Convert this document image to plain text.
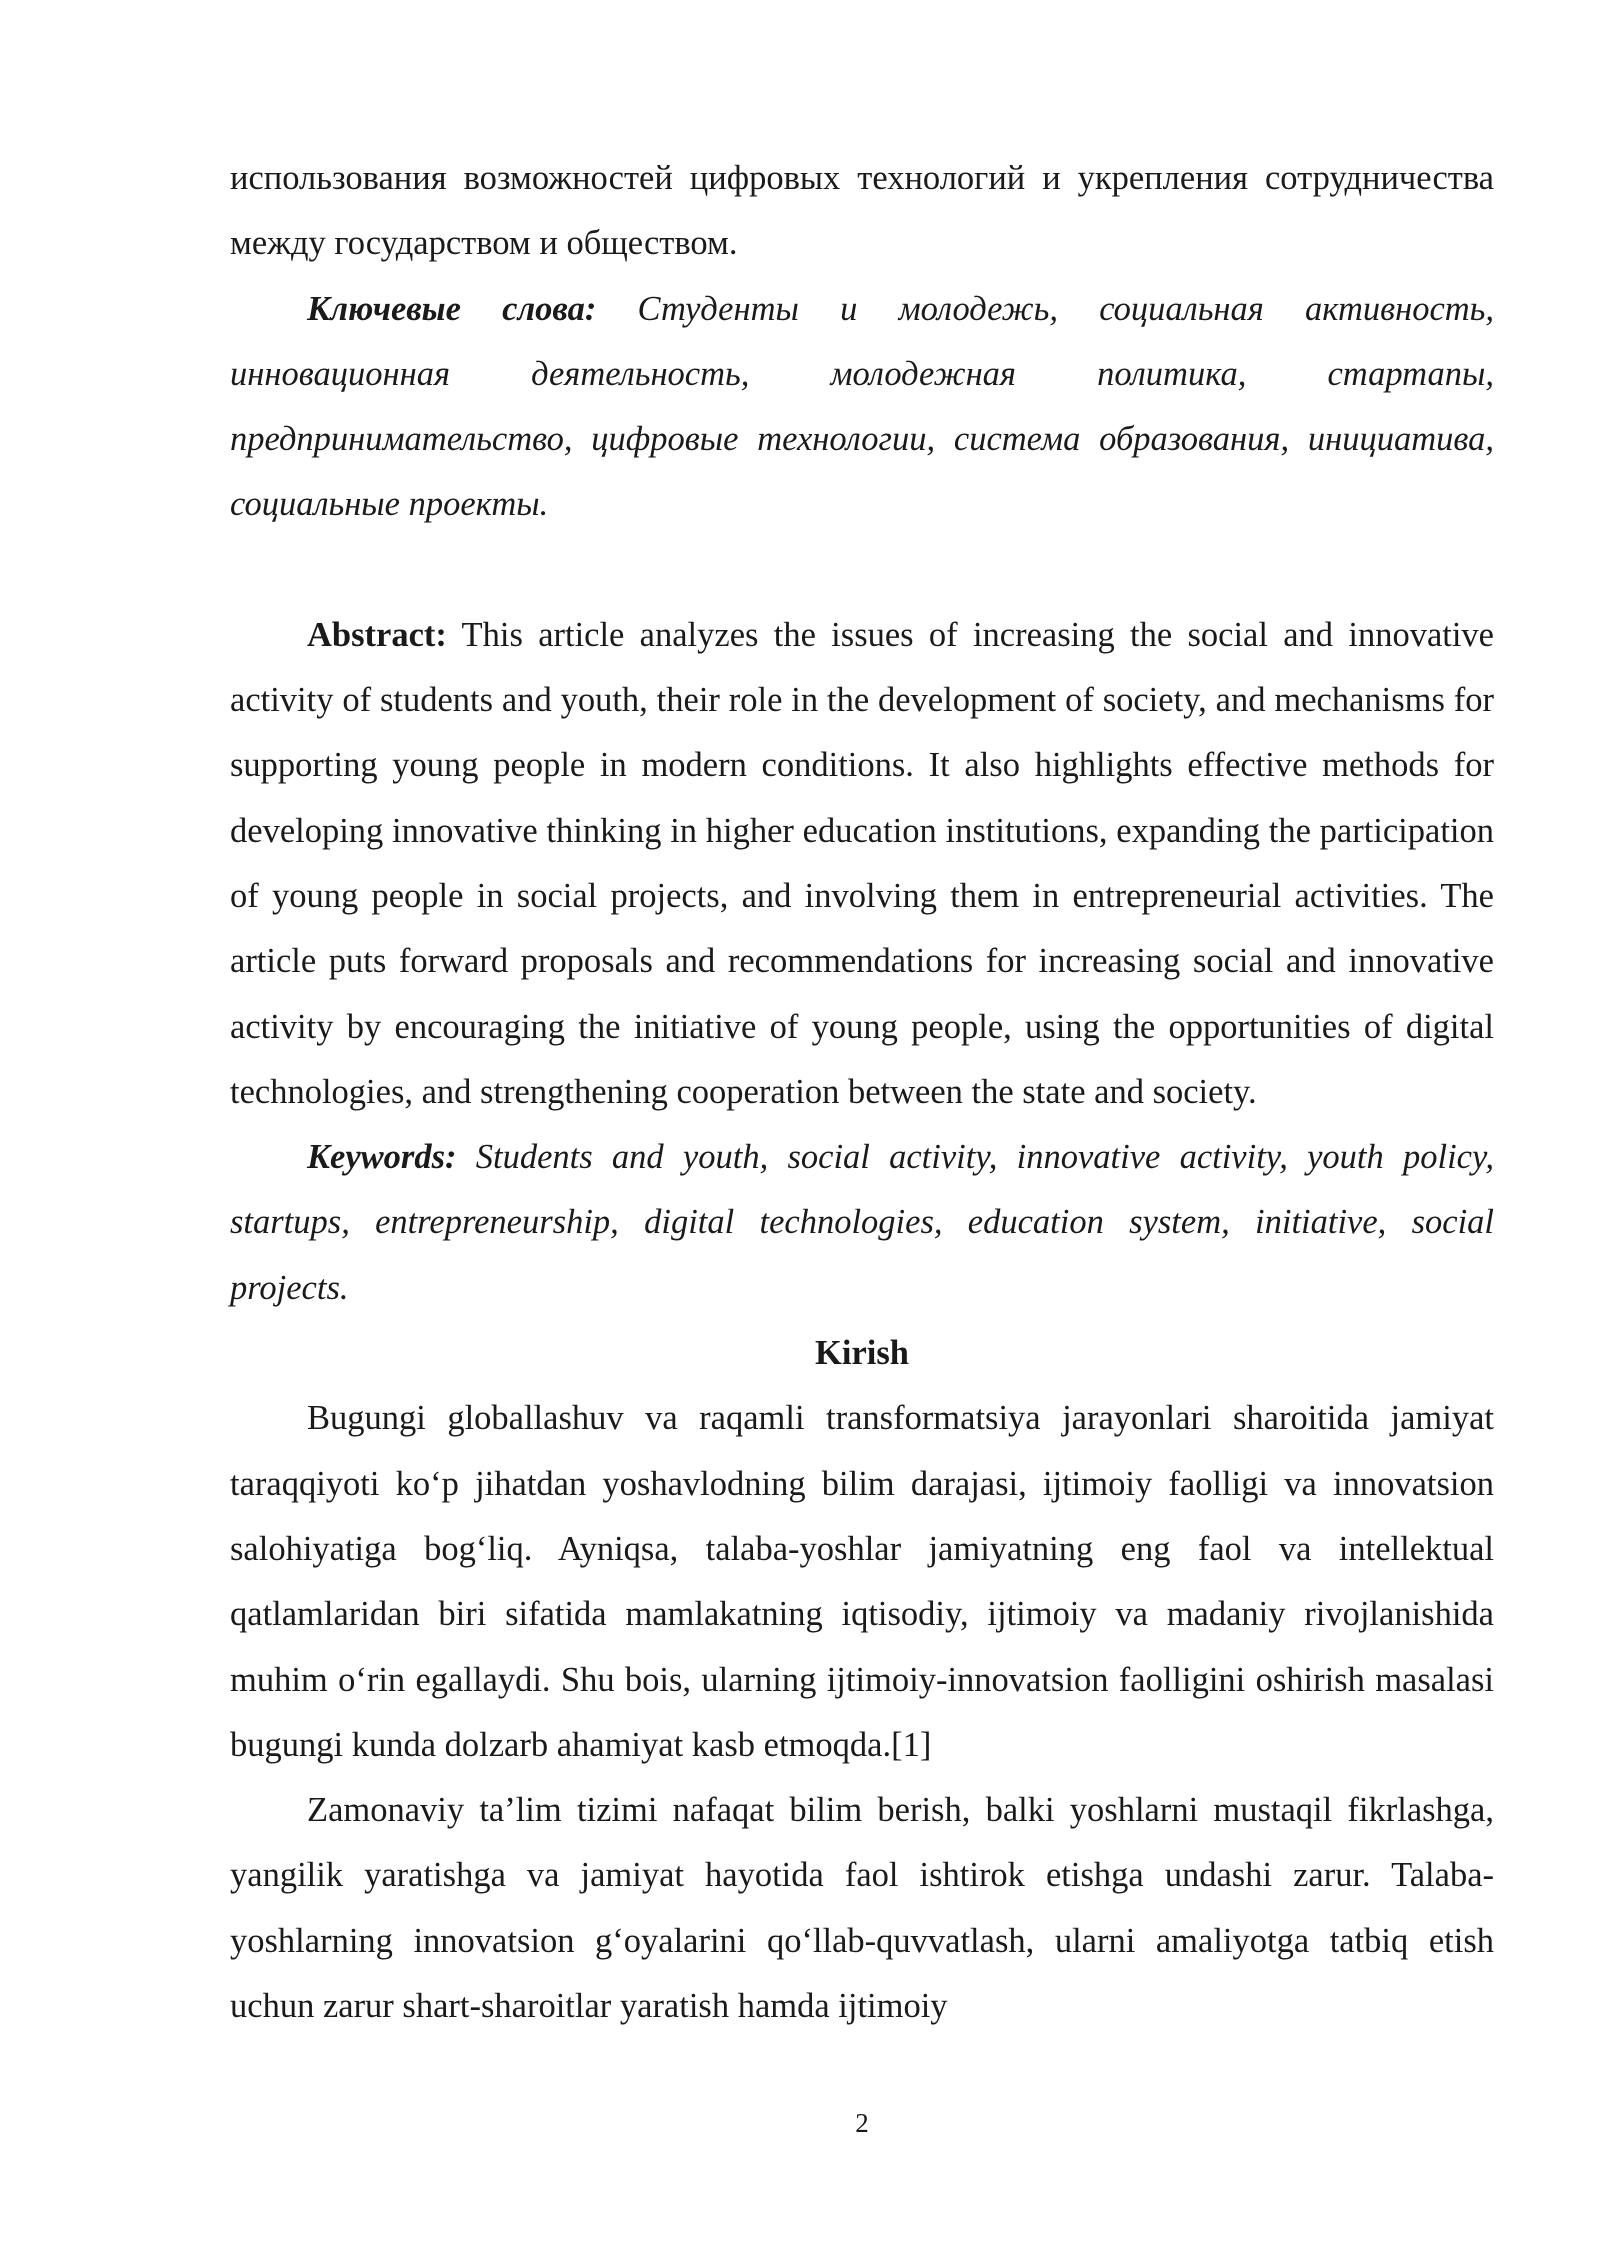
использования возможностей цифровых технологий и укрепления сотрудничества между государством и обществом.

Ключевые слова: Студенты и молодежь, социальная активность, инновационная деятельность, молодежная политика, стартапы, предпринимательство, цифровые технологии, система образования, инициатива, социальные проекты.

Abstract: This article analyzes the issues of increasing the social and innovative activity of students and youth, their role in the development of society, and mechanisms for supporting young people in modern conditions. It also highlights effective methods for developing innovative thinking in higher education institutions, expanding the participation of young people in social projects, and involving them in entrepreneurial activities. The article puts forward proposals and recommendations for increasing social and innovative activity by encouraging the initiative of young people, using the opportunities of digital technologies, and strengthening cooperation between the state and society.

Keywords: Students and youth, social activity, innovative activity, youth policy, startups, entrepreneurship, digital technologies, education system, initiative, social projects.

Kirish

Bugungi globallashuv va raqamli transformatsiya jarayonlari sharoitida jamiyat taraqqiyoti ko‘p jihatdan yoshavlodning bilim darajasi, ijtimoiy faolligi va innovatsion salohiyatiga bog‘liq. Ayniqsa, talaba-yoshlar jamiyatning eng faol va intellektual qatlamlaridan biri sifatida mamlakatning iqtisodiy, ijtimoiy va madaniy rivojlanishida muhim o‘rin egallaydi. Shu bois, ularning ijtimoiy-innovatsion faolligini oshirish masalasi bugungi kunda dolzarb ahamiyat kasb etmoqda.[1]

Zamonaviy ta’lim tizimi nafaqat bilim berish, balki yoshlarni mustaqil fikrlashga, yangilik yaratishga va jamiyat hayotida faol ishtirok etishga undashi zarur. Talaba-yoshlarning innovatsion g‘oyalarini qo‘llab-quvvatlash, ularni amaliyotga tatbiq etish uchun zarur shart-sharoitlar yaratish hamda ijtimoiy

2
